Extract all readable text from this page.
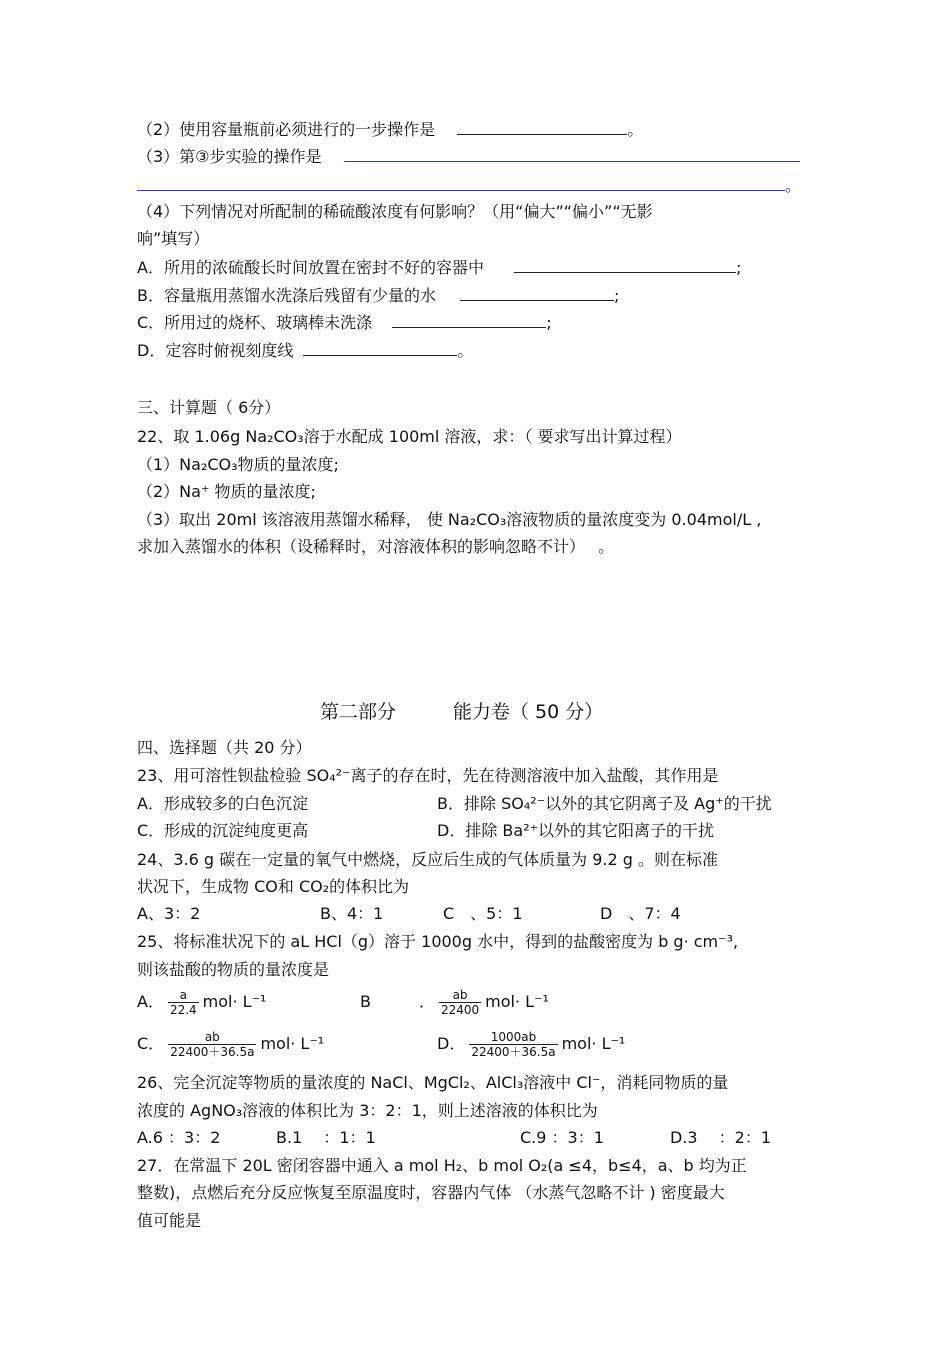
（2）使用容量瓶前必须进行的一步操作是	。
（3）第③步实验的操作是
。
（4）下列情况对所配制的稀硫酸浓度有何影响？（用“偏大”“偏小”“无影
响”填写）
A．所用的浓硫酸长时间放置在密封不好的容器中	;
B．容量瓶用蒸馏水洗涤后残留有少量的水	;
C．所用过的烧杯、玻璃棒未洗涤	;
D．定容时俯视刻度线	。
三、计算题（ 6分）
22、取 1.06g Na₂CO₃溶于水配成 100ml 溶液，求：（ 要求写出计算过程）
（1）Na₂CO₃物质的量浓度;
（2）Na⁺ 物质的量浓度;
（3）取出 20ml 该溶液用蒸馏水稀释， 使 Na₂CO₃溶液物质的量浓度变为 0.04mol/L ,
求加入蒸馏水的体积（设稀释时，对溶液体积的影响忽略不计）　 。
第二部分　　　能力卷（ 50 分）
四、选择题（共 20 分）
23、用可溶性钡盐检验 SO₄²⁻离子的存在时，先在待测溶液中加入盐酸，其作用是
A．形成较多的白色沉淀	B．排除 SO₄²⁻以外的其它阴离子及 Ag⁺的干扰
C．形成的沉淀纯度更高	D．排除 Ba²⁺以外的其它阳离子的干扰
24、3.6 g 碳在一定量的氧气中燃烧，反应后生成的气体质量为 9.2 g 。则在标准
状况下，生成物 CO和 CO₂的体积比为
A、3：2	B、4：1	C　、5：1	D　、7：4
25、将标准状况下的 aL HCl（g）溶于 1000g 水中，得到的盐酸密度为 b g· cm⁻³,
则该盐酸的物质的量浓度是
A． $\frac{a}{22.4} mol\cdot L^{-1}$	B　　　． $\frac{ab}{22400} mol\cdot L^{-1}$
C． $\frac{ab}{22400+36.5a} mol\cdot L^{-1}$	D． $\frac{1000ab}{22400+36.5a} mol\cdot L^{-1}$
26、完全沉淀等物质的量浓度的 NaCl、MgCl₂、AlCl₃溶液中 Cl⁻，消耗同物质的量
浓度的 AgNO₃溶液的体积比为 3：2：1，则上述溶液的体积比为
A.6 ：3：2	B.1　 ：1：1	C.9 ：3：1	D.3　 ：2：1
27．在常温下 20L 密闭容器中通入 a mol H₂、b mol O₂(a ≤4，b≤4，a、b 均为正
整数)，点燃后充分反应恢复至原温度时，容器内气体 （水蒸气忽略不计 ) 密度最大
值可能是
